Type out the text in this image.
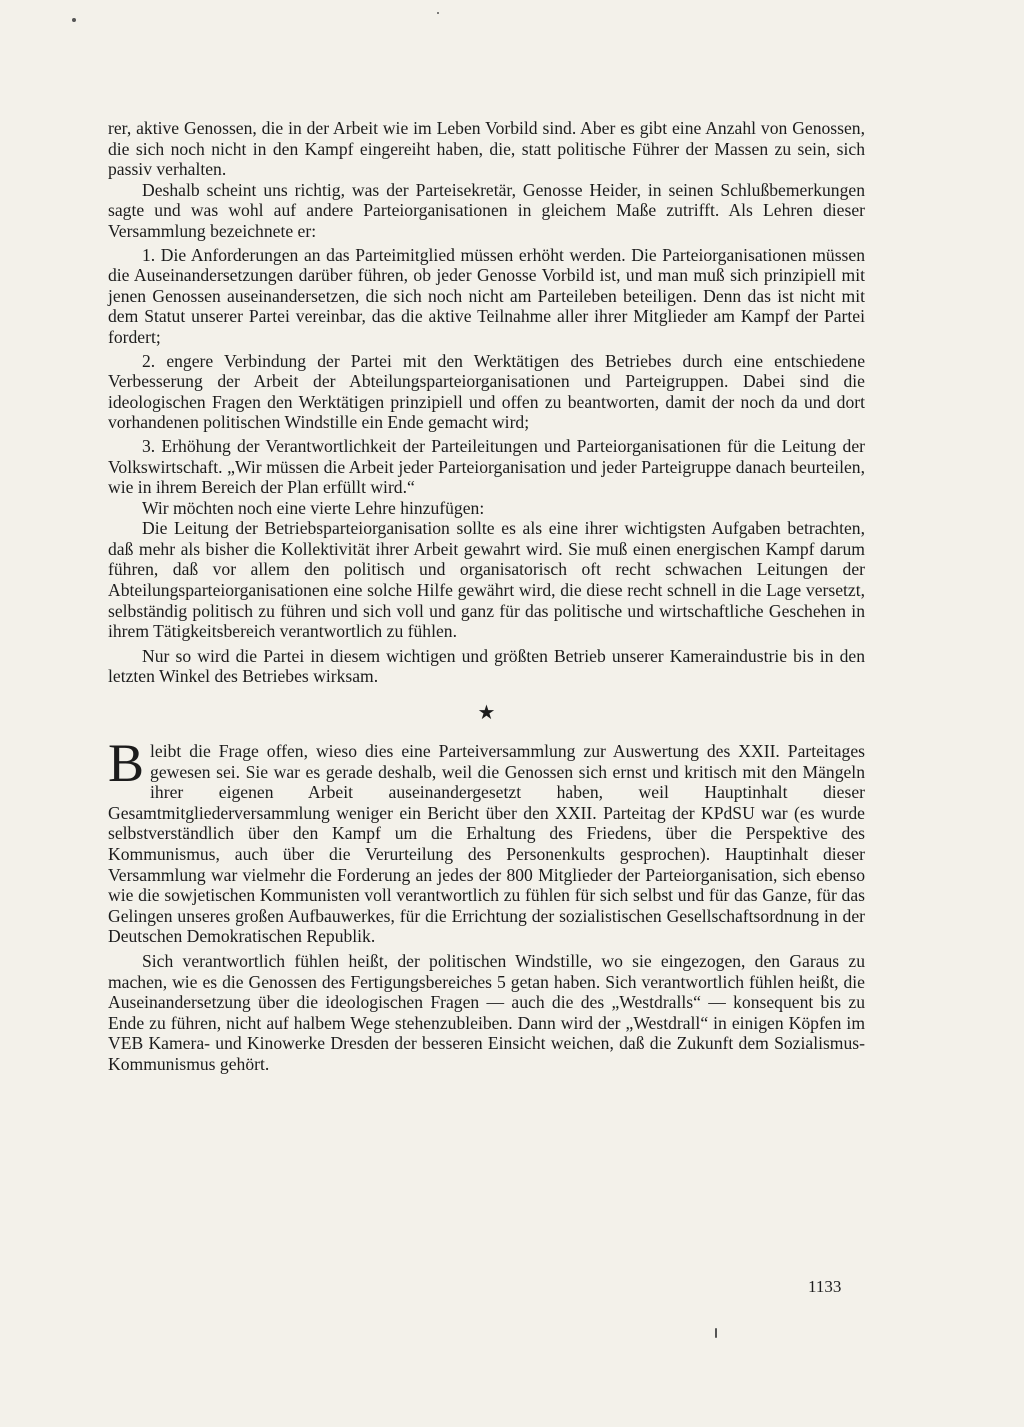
rer, aktive Genossen, die in der Arbeit wie im Leben Vorbild sind. Aber es gibt eine Anzahl von Genossen, die sich noch nicht in den Kampf eingereiht haben, die, statt politische Führer der Massen zu sein, sich passiv verhalten.

Deshalb scheint uns richtig, was der Parteisekretär, Genosse Heider, in seinen Schlußbemerkungen sagte und was wohl auf andere Parteiorganisationen in gleichem Maße zutrifft. Als Lehren dieser Versammlung bezeichnete er:

1. Die Anforderungen an das Parteimitglied müssen erhöht werden. Die Parteiorganisationen müssen die Auseinandersetzungen darüber führen, ob jeder Genosse Vorbild ist, und man muß sich prinzipiell mit jenen Genossen auseinandersetzen, die sich noch nicht am Parteileben beteiligen. Denn das ist nicht mit dem Statut unserer Partei vereinbar, das die aktive Teilnahme aller ihrer Mitglieder am Kampf der Partei fordert;

2. engere Verbindung der Partei mit den Werktätigen des Betriebes durch eine entschiedene Verbesserung der Arbeit der Abteilungsparteiorganisationen und Parteigruppen. Dabei sind die ideologischen Fragen den Werktätigen prinzipiell und offen zu beantworten, damit der noch da und dort vorhandenen politischen Windstille ein Ende gemacht wird;

3. Erhöhung der Verantwortlichkeit der Parteileitungen und Parteiorganisationen für die Leitung der Volkswirtschaft. „Wir müssen die Arbeit jeder Parteiorganisation und jeder Parteigruppe danach beurteilen, wie in ihrem Bereich der Plan erfüllt wird.“

Wir möchten noch eine vierte Lehre hinzufügen:

Die Leitung der Betriebsparteiorganisation sollte es als eine ihrer wichtigsten Aufgaben betrachten, daß mehr als bisher die Kollektivität ihrer Arbeit gewahrt wird. Sie muß einen energischen Kampf darum führen, daß vor allem den politisch und organisatorisch oft recht schwachen Leitungen der Abteilungsparteiorganisationen eine solche Hilfe gewährt wird, die diese recht schnell in die Lage versetzt, selbständig politisch zu führen und sich voll und ganz für das politische und wirtschaftliche Geschehen in ihrem Tätigkeitsbereich verantwortlich zu fühlen.

Nur so wird die Partei in diesem wichtigen und größten Betrieb unserer Kameraindustrie bis in den letzten Winkel des Betriebes wirksam.

★

Bleibt die Frage offen, wieso dies eine Parteiversammlung zur Auswertung des XXII. Parteitages gewesen sei. Sie war es gerade deshalb, weil die Genossen sich ernst und kritisch mit den Mängeln ihrer eigenen Arbeit auseinandergesetzt haben, weil Hauptinhalt dieser Gesamtmitgliederversammlung weniger ein Bericht über den XXII. Parteitag der KPdSU war (es wurde selbstverständlich über den Kampf um die Erhaltung des Friedens, über die Perspektive des Kommunismus, auch über die Verurteilung des Personenkults gesprochen). Hauptinhalt dieser Versammlung war vielmehr die Forderung an jedes der 800 Mitglieder der Parteiorganisation, sich ebenso wie die sowjetischen Kommunisten voll verantwortlich zu fühlen für sich selbst und für das Ganze, für das Gelingen unseres großen Aufbauwerkes, für die Errichtung der sozialistischen Gesellschaftsordnung in der Deutschen Demokratischen Republik.

Sich verantwortlich fühlen heißt, der politischen Windstille, wo sie eingezogen, den Garaus zu machen, wie es die Genossen des Fertigungsbereiches 5 getan haben. Sich verantwortlich fühlen heißt, die Auseinandersetzung über die ideologischen Fragen — auch die des „Westdralls“ — konsequent bis zu Ende zu führen, nicht auf halbem Wege stehenzubleiben. Dann wird der „Westdrall“ in einigen Köpfen im VEB Kamera- und Kinowerke Dresden der besseren Einsicht weichen, daß die Zukunft dem Sozialismus-Kommunismus gehört.

1133
